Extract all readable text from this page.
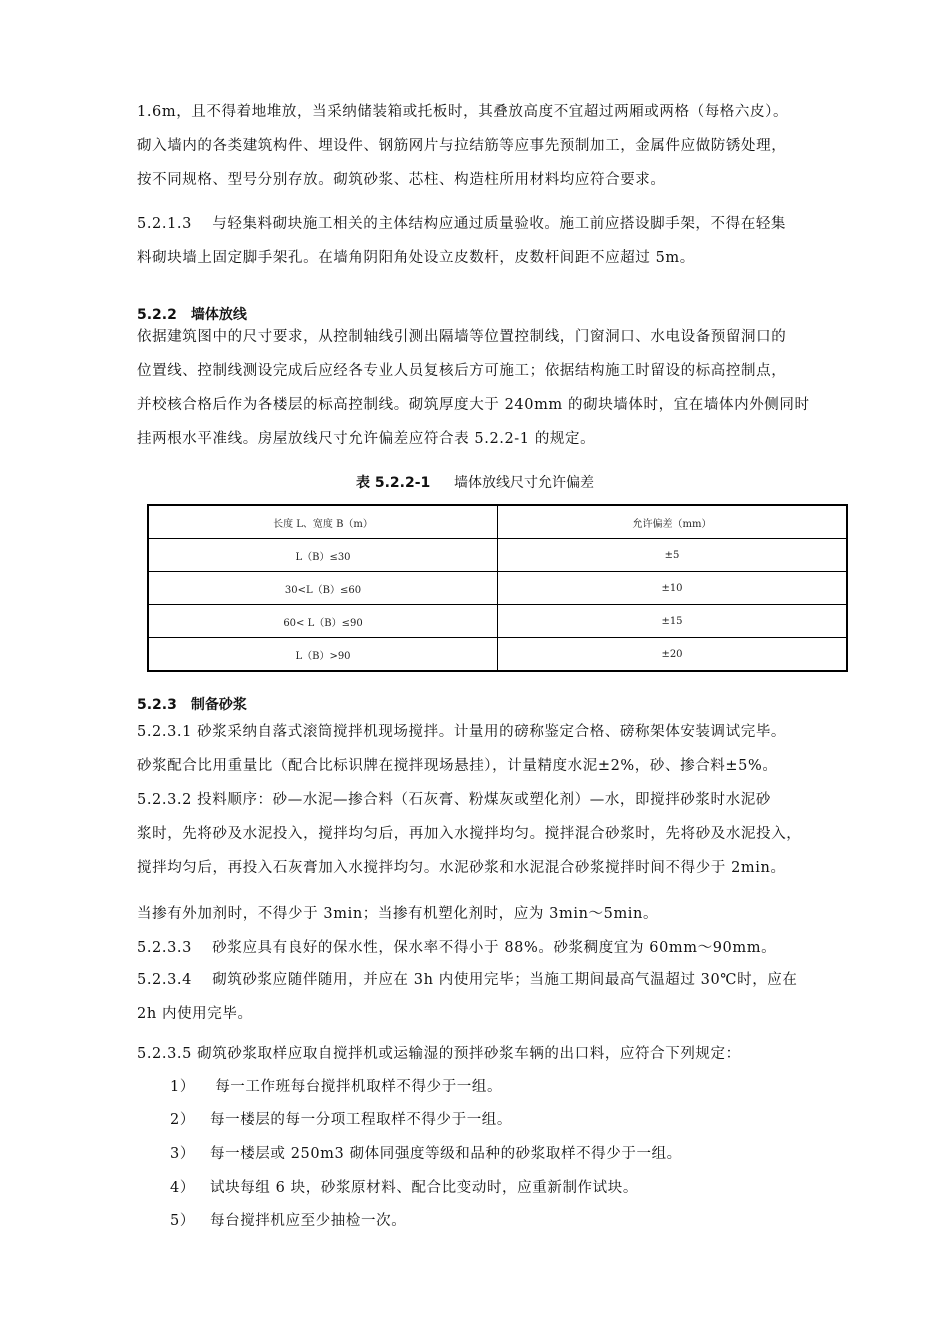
1.6m，且不得着地堆放，当采纳储装箱或托板时，其叠放高度不宜超过两厢或两格（每格六皮）。
砌入墙内的各类建筑构件、埋设件、钢筋网片与拉结筋等应事先预制加工，金属件应做防锈处理，
按不同规格、型号分别存放。砌筑砂浆、芯柱、构造柱所用材料均应符合要求。
5.2.1.3　 与轻集料砌块施工相关的主体结构应通过质量验收。施工前应搭设脚手架，不得在轻集
料砌块墙上固定脚手架孔。在墙角阴阳角处设立皮数杆，皮数杆间距不应超过 5m。
5.2.2　墙体放线
依据建筑图中的尺寸要求，从控制轴线引测出隔墙等位置控制线，门窗洞口、水电设备预留洞口的
位置线、控制线测设完成后应经各专业人员复核后方可施工；依据结构施工时留设的标高控制点，
并校核合格后作为各楼层的标高控制线。砌筑厚度大于 240mm 的砌块墙体时，宜在墙体内外侧同时
挂两根水平准线。房屋放线尺寸允许偏差应符合表 5.2.2-1 的规定。
表 5.2.2-1 　 墙体放线尺寸允许偏差
长度 L、宽度 B（m）	允许偏差（mm）
L（B）≤30	±5
30<L（B）≤60	±10
60< L（B）≤90	±15
L（B）>90	±20
5.2.3　制备砂浆
5.2.3.1 砂浆采纳自落式滚筒搅拌机现场搅拌。计量用的磅称鉴定合格、磅称架体安装调试完毕。
砂浆配合比用重量比（配合比标识牌在搅拌现场悬挂），计量精度水泥±2%，砂、掺合料±5%。
5.2.3.2 投料顺序：砂—水泥—掺合料（石灰膏、粉煤灰或塑化剂）—水，即搅拌砂浆时水泥砂
浆时，先将砂及水泥投入，搅拌均匀后，再加入水搅拌均匀。搅拌混合砂浆时，先将砂及水泥投入，
搅拌均匀后，再投入石灰膏加入水搅拌均匀。水泥砂浆和水泥混合砂浆搅拌时间不得少于 2min。
当掺有外加剂时，不得少于 3min；当掺有机塑化剂时，应为 3min～5min。
5.2.3.3　 砂浆应具有良好的保水性，保水率不得小于 88%。砂浆稠度宜为 60mm～90mm。
5.2.3.4　 砌筑砂浆应随伴随用，并应在 3h 内使用完毕；当施工期间最高气温超过 30℃时，应在
2h 内使用完毕。
5.2.3.5 砌筑砂浆取样应取自搅拌机或运输湿的预拌砂浆车辆的出口料，应符合下列规定：
1） 每一工作班每台搅拌机取样不得少于一组。
2） 每一楼层的每一分项工程取样不得少于一组。
3） 每一楼层或 250m3 砌体同强度等级和品种的砂浆取样不得少于一组。
4） 试块每组 6 块，砂浆原材料、配合比变动时，应重新制作试块。
5） 每台搅拌机应至少抽检一次。
